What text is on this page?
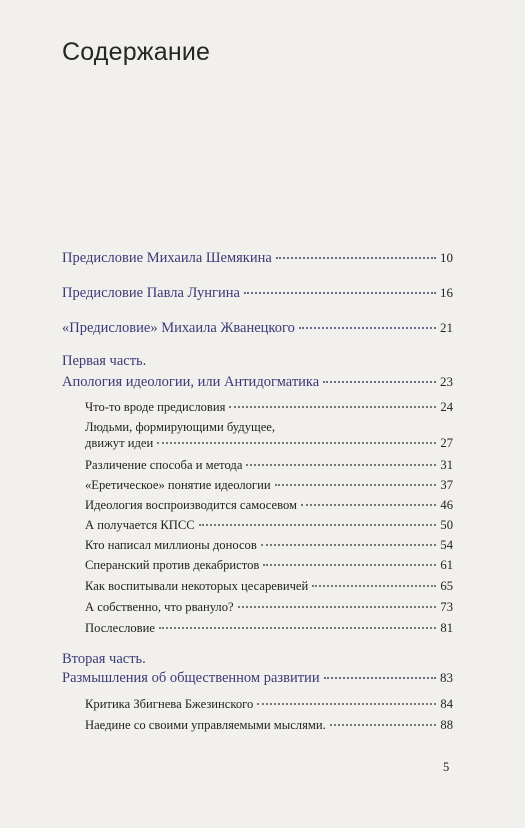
Содержание
Предисловие Михаила Шемякина	10
Предисловие Павла Лунгина	16
«Предисловие» Михаила Жванецкого	21
Первая часть.
Апология идеологии, или Антидогматика	23
Что-то вроде предисловия	24
Людьми, формирующими будущее,
движут идеи	27
Различение способа и метода	31
«Еретическое» понятие идеологии	37
Идеология воспроизводится самосевом	46
А получается КПСС	50
Кто написал миллионы доносов	54
Сперанский против декабристов	61
Как воспитывали некоторых цесаревичей	65
А собственно, что рвануло?	73
Послесловие	81
Вторая часть.
Размышления об общественном развитии	83
Критика Збигнева Бжезинского	84
Наедине со своими управляемыми мыслями.	88
5
